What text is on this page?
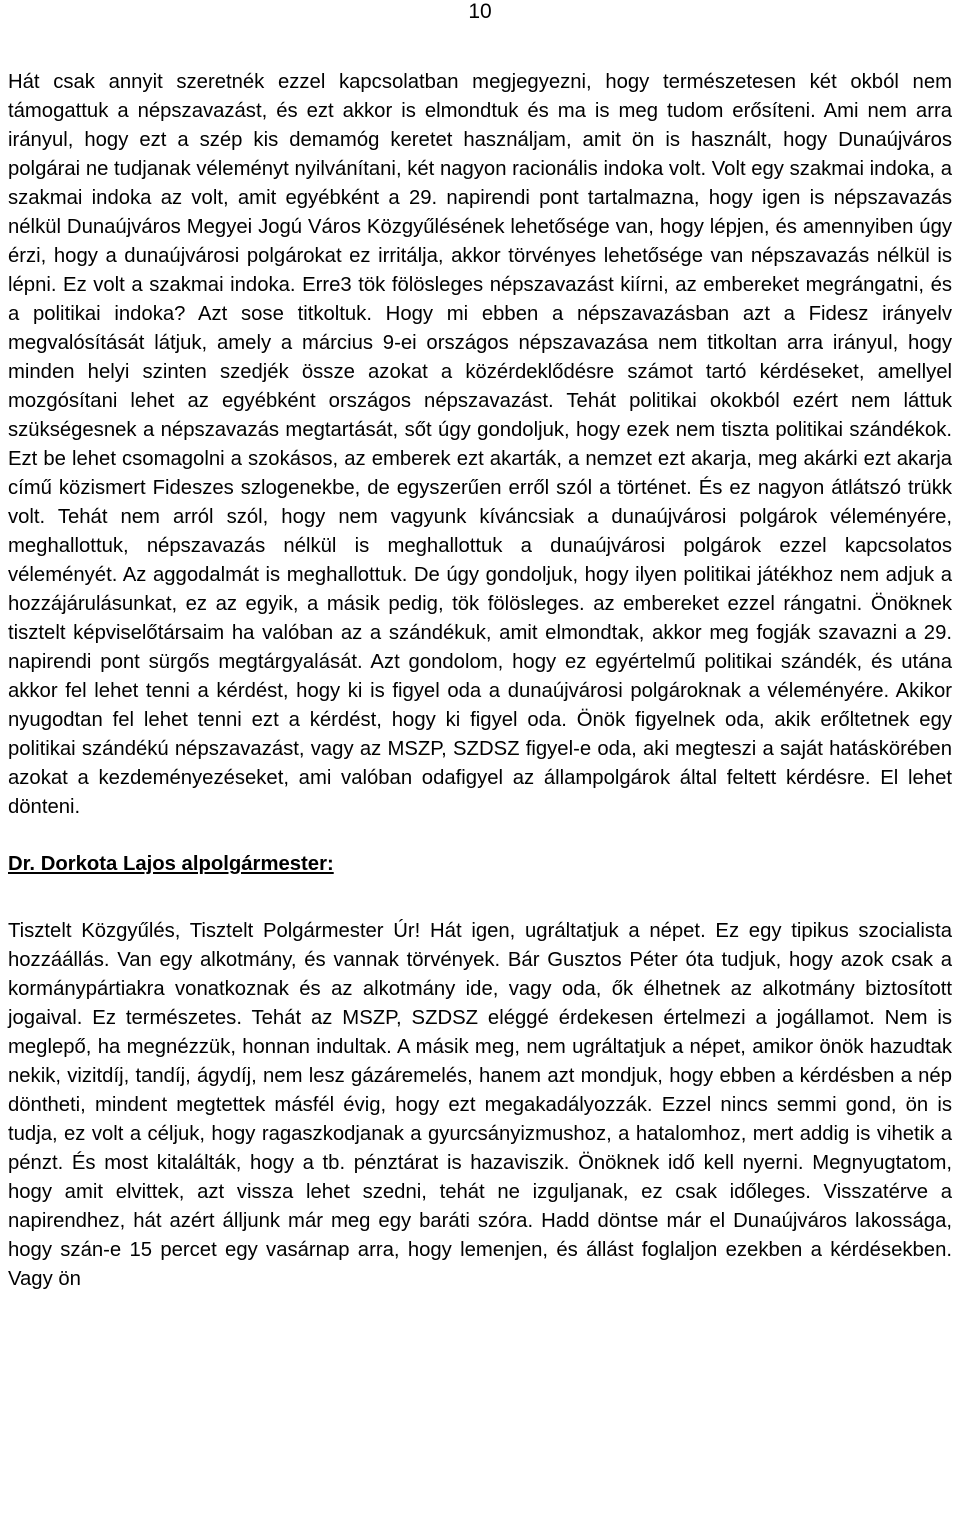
10

Hát csak annyit szeretnék ezzel kapcsolatban megjegyezni, hogy természetesen két okból nem támogattuk a népszavazást, és ezt akkor is elmondtuk és ma is meg tudom erősíteni. Ami nem arra irányul, hogy ezt a szép kis demamóg keretet használjam, amit ön is használt, hogy Dunaújváros polgárai ne tudjanak véleményt nyilvánítani, két nagyon racionális indoka volt. Volt egy szakmai indoka, a szakmai indoka az volt, amit egyébként a 29. napirendi pont tartalmazna, hogy igen is népszavazás nélkül Dunaújváros Megyei Jogú Város Közgyűlésének lehetősége van, hogy lépjen, és amennyiben úgy érzi, hogy a dunaújvárosi polgárokat ez irritálja, akkor törvényes lehetősége van népszavazás nélkül is lépni. Ez volt a szakmai indoka. Erre3 tök fölösleges népszavazást kiírni, az embereket megrángatni, és a politikai indoka? Azt sose titkoltuk. Hogy mi ebben a népszavazásban azt a Fidesz irányelv megvalósítását látjuk, amely a március 9-ei országos népszavazása nem titkoltan arra irányul, hogy minden helyi szinten szedjék össze azokat a közérdeklődésre számot tartó kérdéseket, amellyel mozgósítani lehet az egyébként országos népszavazást. Tehát politikai okokból ezért nem láttuk szükségesnek a népszavazás megtartását, sőt úgy gondoljuk, hogy ezek nem tiszta politikai szándékok. Ezt be lehet csomagolni a szokásos, az emberek ezt akarták, a nemzet ezt akarja, meg akárki ezt akarja című közismert Fideszes szlogenekbe, de egyszerűen erről szól a történet. És ez nagyon átlátszó trükk volt. Tehát nem arról szól, hogy nem vagyunk kíváncsiak a dunaújvárosi polgárok véleményére, meghallottuk, népszavazás nélkül is meghallottuk a dunaújvárosi polgárok ezzel kapcsolatos véleményét. Az aggodalmát is meghallottuk. De úgy gondoljuk, hogy ilyen politikai játékhoz nem adjuk a hozzájárulásunkat, ez az egyik, a másik pedig, tök fölösleges. az embereket ezzel rángatni. Önöknek tisztelt képviselőtársaim ha valóban az a szándékuk, amit elmondtak, akkor meg fogják szavazni a 29. napirendi pont sürgős megtárgyalását. Azt gondolom, hogy ez egyértelmű politikai szándék, és utána akkor fel lehet tenni a kérdést, hogy ki is figyel oda a dunaújvárosi polgároknak a véleményére. Akikor nyugodtan fel lehet tenni ezt a kérdést, hogy ki figyel oda. Önök figyelnek oda, akik erőltetnek egy politikai szándékú népszavazást, vagy az MSZP, SZDSZ figyel-e oda, aki megteszi a saját hatáskörében azokat a kezdeményezéseket, ami valóban odafigyel az állampolgárok által feltett kérdésre. El lehet dönteni.

Dr. Dorkota Lajos alpolgármester:

Tisztelt Közgyűlés, Tisztelt Polgármester Úr! Hát igen, ugráltatjuk a népet. Ez egy tipikus szocialista hozzáállás. Van egy alkotmány, és vannak törvények. Bár Gusztos Péter óta tudjuk, hogy azok csak a kormánypártiakra vonatkoznak és az alkotmány ide, vagy oda, ők élhetnek az alkotmány biztosított jogaival. Ez természetes. Tehát az MSZP, SZDSZ eléggé érdekesen értelmezi a jogállamot. Nem is meglepő, ha megnézzük, honnan indultak. A másik meg, nem ugráltatjuk a népet, amikor önök hazudtak nekik, vizitdíj, tandíj, ágydíj, nem lesz gázáremelés, hanem azt mondjuk, hogy ebben a kérdésben a nép döntheti, mindent megtettek másfél évig, hogy ezt megakadályozzák. Ezzel nincs semmi gond, ön is tudja, ez volt a céljuk, hogy ragaszkodjanak a gyurcsányizmushoz, a hatalomhoz, mert addig is vihetik a pénzt. És most kitalálták, hogy a tb. pénztárat is hazaviszik. Önöknek idő kell nyerni. Megnyugtatom, hogy amit elvittek, azt vissza lehet szedni, tehát ne izguljanak, ez csak időleges. Visszatérve a napirendhez, hát azért álljunk már meg egy baráti szóra. Hadd döntse már el Dunaújváros lakossága, hogy szán-e 15 percet egy vasárnap arra, hogy lemenjen, és állást foglaljon ezekben a kérdésekben. Vagy ön
